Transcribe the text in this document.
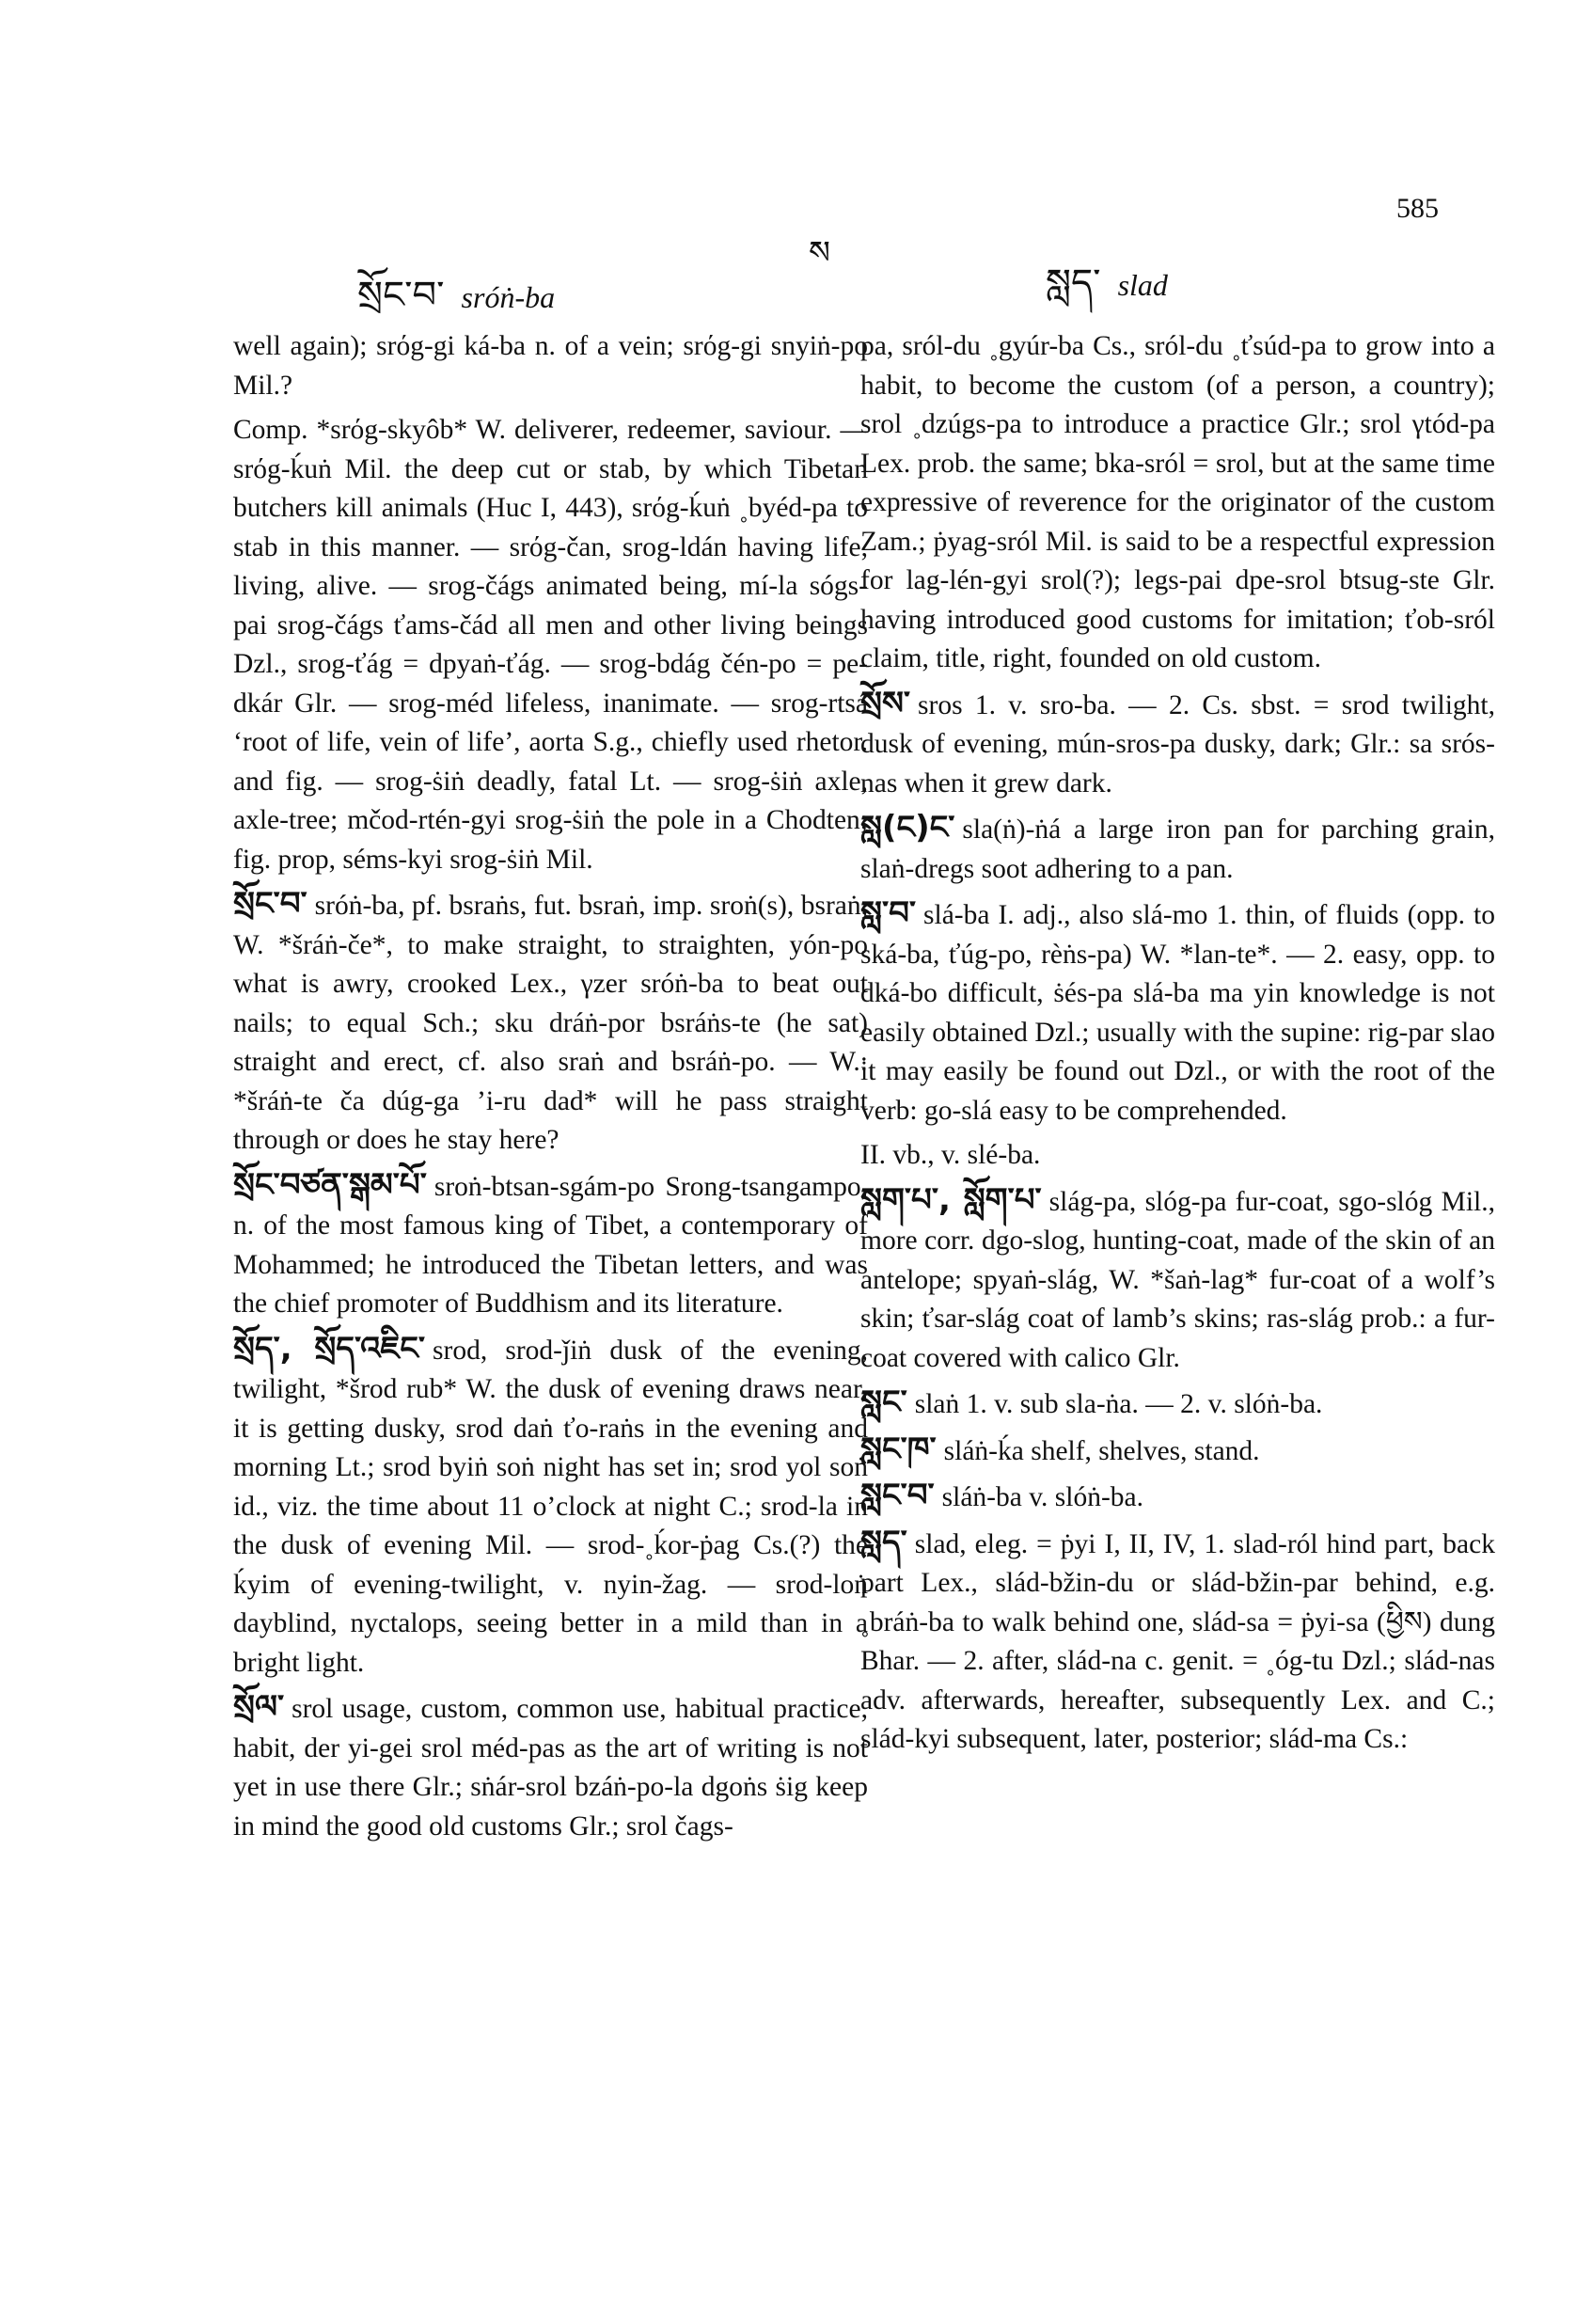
585
ས
སྲོང་བ་ sróṅ-ba	སླད་ slad

well again); srόg-gi ká-ba n. of a vein; srόg-gi snyiṅ-po Mil.?

Comp. *srόg-skyôb* W. deliverer, redeemer, saviour. — srόg-ḱuṅ Mil. the deep cut or stab, by which Tibetan butchers kill animals (Huc I, 443), srόg-ḱuṅ ˳byéd-pa to stab in this manner. — srόg-čan, srog-ldán having life, living, alive. — srog-čágs animated being, mí-la sógs-pai srog-čágs ťams-čád all men and other living beings Dzl., srog-ťág = dpyaṅ-ťág. — srog-bdág čén-po = pe-dkár Glr. — srog-méd lifeless, inanimate. — srog-rtsá ‘root of life, vein of life’, aorta S.g., chiefly used rhetor. and fig. — srog-ṡiṅ deadly, fatal Lt. — srog-ṡiṅ axle, axle-tree; mčod-rtén-gyi srog-ṡiṅ the pole in a Chodten; fig. prop, séms-kyi srog-ṡiṅ Mil.

སྲོང་བ་ sróṅ-ba, pf. bsraṅs, fut. bsraṅ, imp. sroṅ(s), bsraṅ, W. *šráṅ-če*, to make straight, to straighten, yón-po what is awry, crooked Lex., γzer sróṅ-ba to beat out nails; to equal Sch.; sku dráṅ-por bsráṅs-te (he sat) straight and erect, cf. also sraṅ and bsráṅ-po. — W.: *šráṅ-te ča dúg-ga ’i-ru dad* will he pass straight through or does he stay here?

སྲོང་བཙན་སྒམ་པོ་ sroṅ-btsan-sgám-po Srong-tsangampo, n. of the most famous king of Tibet, a contemporary of Mohammed; he introduced the Tibetan letters, and was the chief promoter of Buddhism and its literature.

སྲོད་, སྲོད་འཇིང་ srod, srod-ǰiṅ dusk of the evening, twilight, *šrod rub* W. the dusk of evening draws near, it is getting dusky, srod daṅ ťo-raṅs in the evening and morning Lt.; srod byiṅ soṅ night has set in; srod yol soṅ id., viz. the time about 11 o’clock at night C.; srod-la in the dusk of evening Mil. — srod-˳ḱor-ṗag Cs.(?) the ḱyim of evening-twilight, v. nyin-žag. — srod-loṅ dayblind, nyctalops, seeing better in a mild than in a bright light.

སྲོལ་ srol usage, custom, common use, habitual practice, habit, der yi-gei srol méd-pas as the art of writing is not yet in use there Glr.; sṅár-srol bzáṅ-po-la dgoṅs ṡig keep in mind the good old customs Glr.; srol čags-

pa, sról-du ˳gyúr-ba Cs., sról-du ˳ťsúd-pa to grow into a habit, to become the custom (of a person, a country); srol ˳dzúgs-pa to introduce a practice Glr.; srol γtód-pa Lex. prob. the same; bka-sról = srol, but at the same time expressive of reverence for the originator of the custom Zam.; ṗyag-sról Mil. is said to be a respectful expression for lag-lén-gyi srol(?); legs-pai dpe-srol btsug-ste Glr. having introduced good customs for imitation; ťob-sról claim, title, right, founded on old custom.

སྲོས་ sros 1. v. sro-ba. — 2. Cs. sbst. = srod twilight, dusk of evening, mún-sros-pa dusky, dark; Glr.: sa srós-nas when it grew dark.

སླ(ང)ང་ sla(ṅ)-ṅá a large iron pan for parching grain, slaṅ-dregs soot adhering to a pan.

སླ་བ་ slá-ba I. adj., also slá-mo 1. thin, of fluids (opp. to ská-ba, ťúg-po, rèṅs-pa) W. *lan-te*. — 2. easy, opp. to dká-bo difficult, ṡés-pa slá-ba ma yin knowledge is not easily obtained Dzl.; usually with the supine: rig-par slao it may easily be found out Dzl., or with the root of the verb: go-slá easy to be comprehended.

II. vb., v. slé-ba.

སླག་པ་, སློག་པ་ slág-pa, slóg-pa fur-coat, sgo-slóg Mil., more corr. dgo-slog, hunting-coat, made of the skin of an antelope; spyaṅ-slág, W. *šaṅ-lag* fur-coat of a wolf’s skin; ťsar-slág coat of lamb’s skins; ras-slág prob.: a fur-coat covered with calico Glr.

སླང་ slaṅ 1. v. sub sla-ṅa. — 2. v. slóṅ-ba.

སླང་ཁ་ sláṅ-ḱa shelf, shelves, stand.

སླང་བ་ sláṅ-ba v. slóṅ-ba.

སླད་ slad, eleg. = ṗyi I, II, IV, 1. slad-ról hind part, back part Lex., slád-bžin-du or slád-bžin-par behind, e.g. ˳bráṅ-ba to walk behind one, slád-sa = ṗyi-sa (ཕྱིས) dung Bhar. — 2. after, slád-na c. genit. = ˳óg-tu Dzl.; slád-nas adv. afterwards, hereafter, subsequently Lex. and C.; slád-kyi subsequent, later, posterior; slád-ma Cs.:
